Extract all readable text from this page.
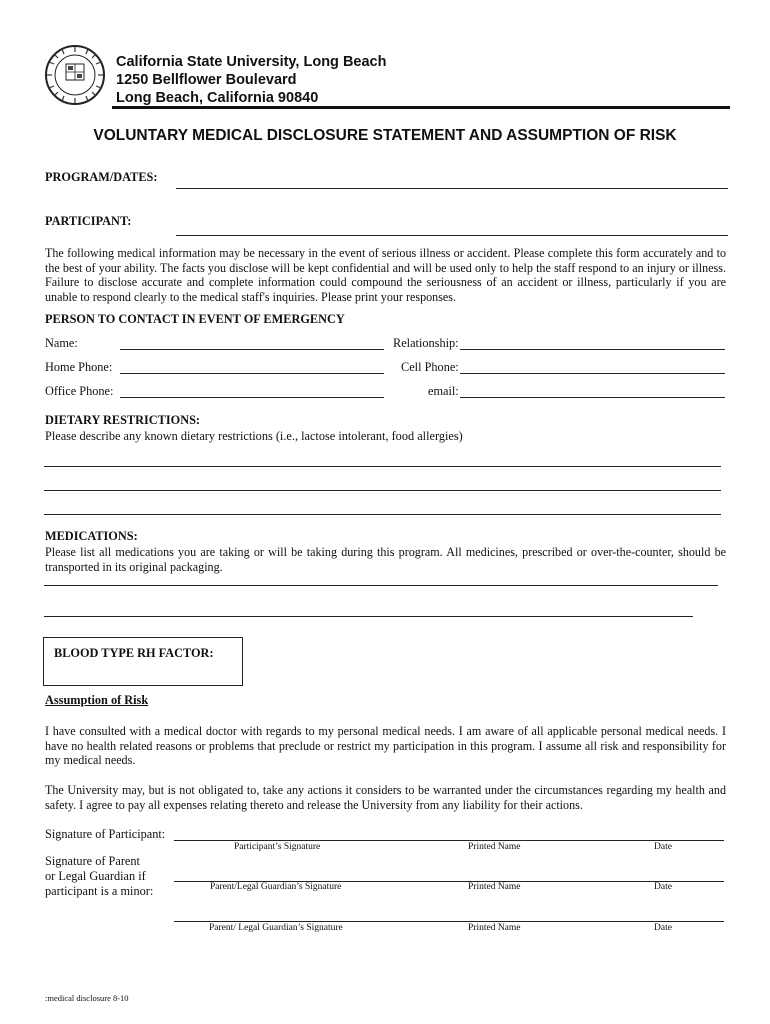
California State University, Long Beach
1250 Bellflower Boulevard
Long Beach, California 90840
VOLUNTARY MEDICAL DISCLOSURE STATEMENT AND ASSUMPTION OF RISK
PROGRAM/DATES:
PARTICIPANT:
The following medical information may be necessary in the event of serious illness or accident. Please complete this form accurately and to the best of your ability. The facts you disclose will be kept confidential and will be used only to help the staff respond to an injury or illness. Failure to disclose accurate and complete information could compound the seriousness of an accident or illness, particularly if you are unable to respond clearly to the medical staff's inquiries. Please print your responses.
PERSON TO CONTACT IN EVENT OF EMERGENCY
Name:	Relationship:
Home Phone:	Cell Phone:
Office Phone:	email:
DIETARY RESTRICTIONS:
Please describe any known dietary restrictions (i.e., lactose intolerant, food allergies)
MEDICATIONS:
Please list all medications you are taking or will be taking during this program. All medicines, prescribed or over-the-counter, should be transported in its original packaging.
BLOOD TYPE RH FACTOR:
Assumption of Risk
I have consulted with a medical doctor with regards to my personal medical needs. I am aware of all applicable personal medical needs. I have no health related reasons or problems that preclude or restrict my participation in this program. I assume all risk and responsibility for my medical needs.
The University may, but is not obligated to, take any actions it considers to be warranted under the circumstances regarding my health and safety. I agree to pay all expenses relating thereto and release the University from any liability for their actions.
Signature of Participant:
Participant’s Signature	Printed Name	Date
Signature of Parent
or Legal Guardian if
participant is a minor:	Parent/Legal Guardian’s Signature	Printed Name	Date
Parent/ Legal Guardian’s Signature	Printed Name	Date
:medical disclosure 8-10
